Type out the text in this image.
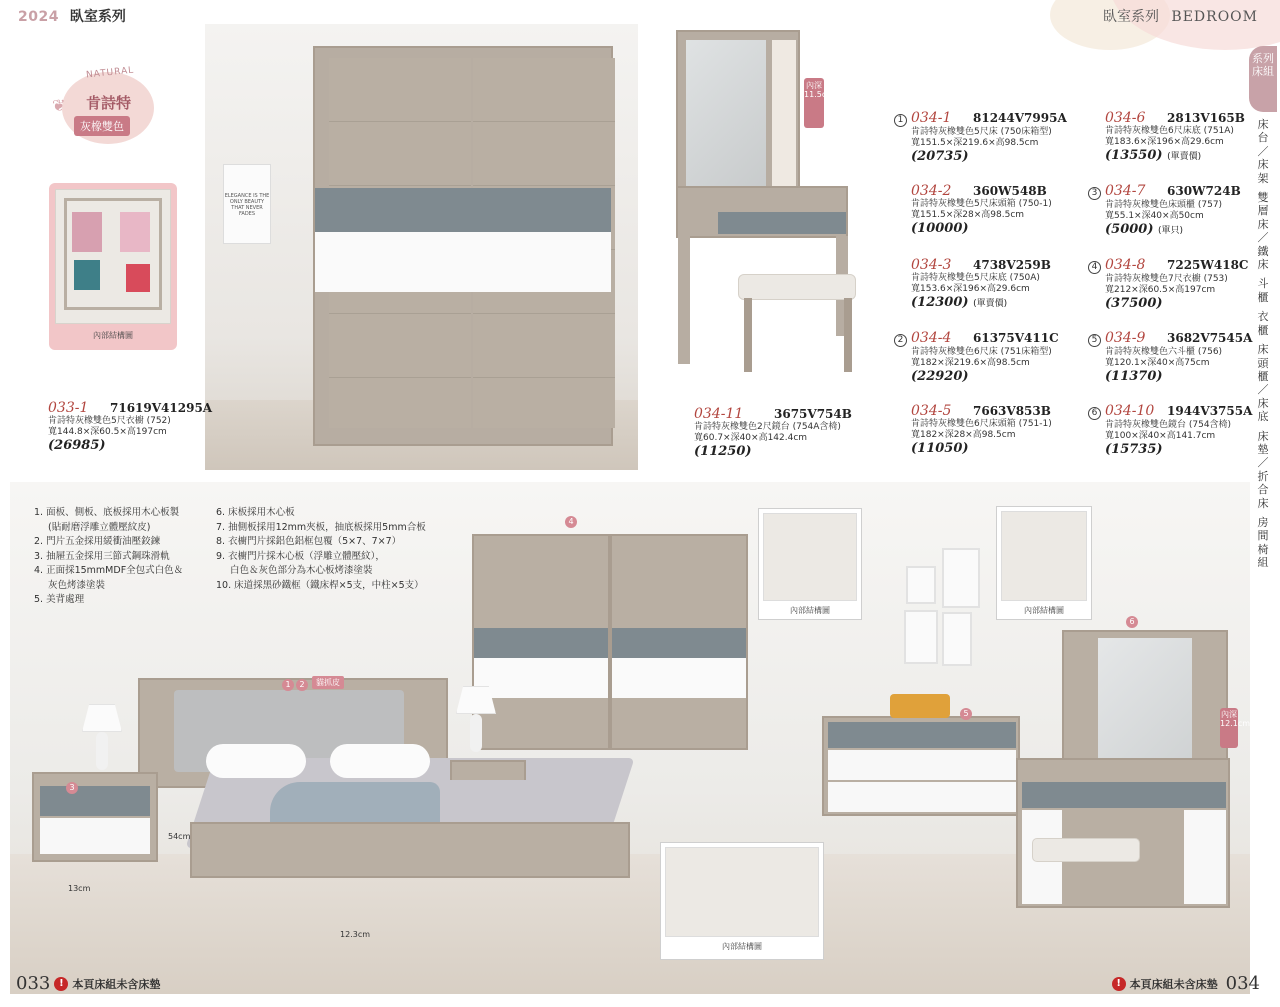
2024 臥室系列	臥室系列 BEDROOM
系列床組
床台／床架
雙層床／鐵床
斗櫃
衣櫃
床頭櫃／床底
床墊／折合床
房間椅組
❦
NATURAL
肯詩特
灰橡雙色
內部結構圖
ELEGANCE IS THE ONLY BEAUTY THAT NEVER FADES
內深11.5cm
033-1	71619V41295A
肯詩特灰橡雙色5尺衣櫥 (752)
寬144.8×深60.5×高197cm
(26985)
034-11	3675V754B
肯詩特灰橡雙色2尺鏡台 (754A含椅)
寬60.7×深40×高142.4cm
(11250)
1 034-1	81244V7995A
肯詩特灰橡雙色5尺床 (750床箱型)
寬151.5×深219.6×高98.5cm
(20735)
034-2	360W548B
肯詩特灰橡雙色5尺床頭箱 (750-1)
寬151.5×深28×高98.5cm
(10000)
034-3	4738V259B
肯詩特灰橡雙色5尺床底 (750A)
寬153.6×深196×高29.6cm
(12300) (單賣價)
2 034-4	61375V411C
肯詩特灰橡雙色6尺床 (751床箱型)
寬182×深219.6×高98.5cm
(22920)
034-5	7663V853B
肯詩特灰橡雙色6尺床頭箱 (751-1)
寬182×深28×高98.5cm
(11050)
034-6	2813V165B
肯詩特灰橡雙色6尺床底 (751A)
寬183.6×深196×高29.6cm
(13550) (單賣價)
3 034-7	630W724B
肯詩特灰橡雙色床頭櫃 (757)
寬55.1×深40×高50cm
(5000) (單只)
4 034-8	7225W418C
肯詩特灰橡雙色7尺衣櫥 (753)
寬212×深60.5×高197cm
(37500)
5 034-9	3682V7545A
肯詩特灰橡雙色六斗櫃 (756)
寬120.1×深40×高75cm
(11370)
6 034-10 1944V3755A
肯詩特灰橡雙色鏡台 (754含椅)
寬100×深40×高141.7cm
(15735)
1. 面板、側板、底板採用木心板製
(貼耐磨浮雕立體壓紋皮)
2. 門片五金採用緩衝油壓鉸鍊
3. 抽屜五金採用三節式鋼珠滑軌
4. 正面採15mmMDF全包式白色＆
灰色烤漆塗裝
5. 美背處理
6. 床板採用木心板
7. 抽側板採用12mm夾板，抽底板採用5mm合板
8. 衣櫥門片採鋁色鋁框包覆（5×7、7×7）
9. 衣櫥門片採木心板（浮雕立體壓紋），
白色＆灰色部分為木心板烤漆塗裝
10. 床道採黑砂鐵框（鐵床桿×5支，中柱×5支）
4
1	2	貓抓皮
54cm
12.3cm
3
13cm
5
6
內深12.1cm
內部結構圖	內部結構圖
內部結構圖
033 ! 本頁床組未含床墊	! 本頁床組未含床墊 034
